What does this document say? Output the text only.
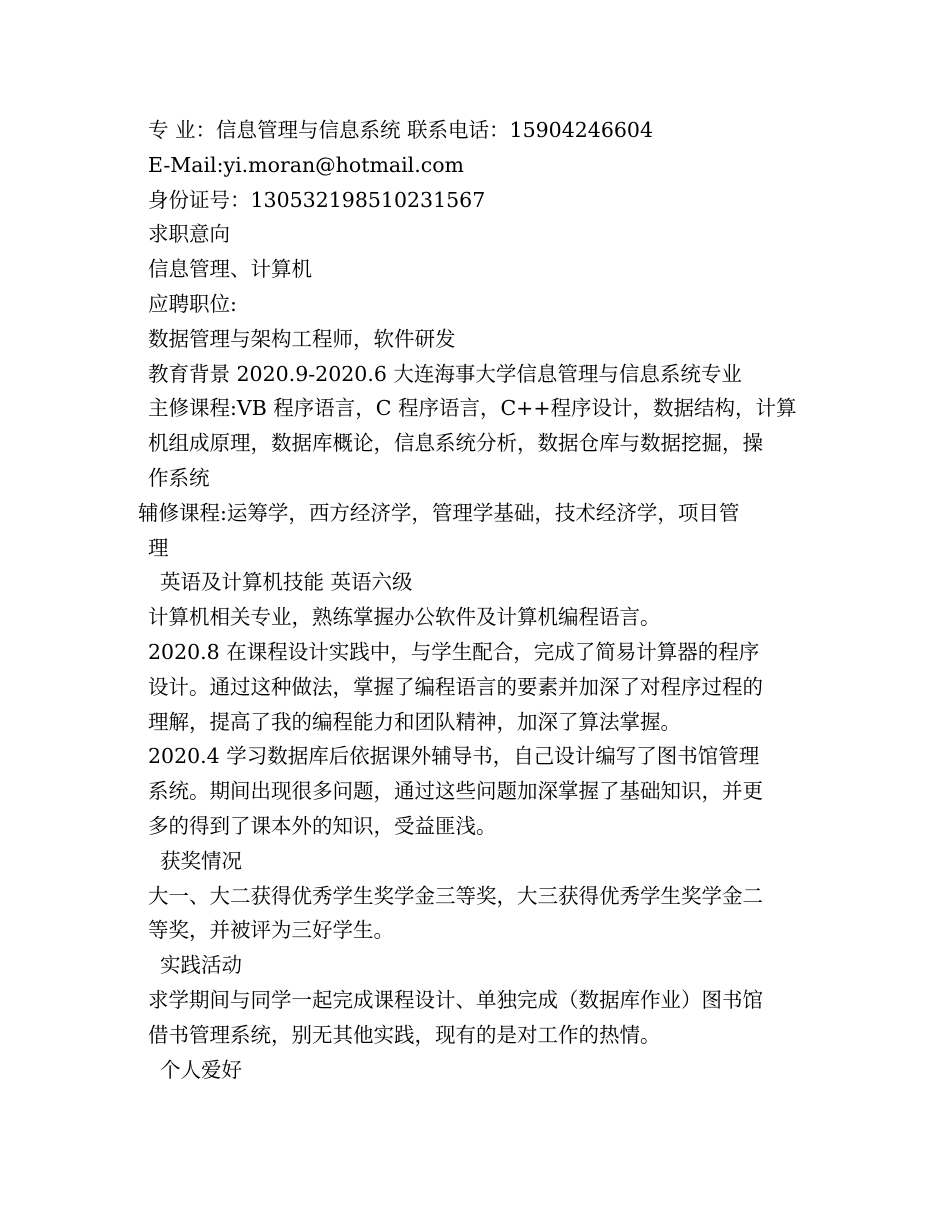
专 业：信息管理与信息系统 联系电话：15904246604
E-Mail:yi.moran@hotmail.com
身份证号：130532198510231567
求职意向
信息管理、计算机
应聘职位:
数据管理与架构工程师，软件研发
教育背景 2020.9-2020.6 大连海事大学信息管理与信息系统专业
主修课程:VB 程序语言，C 程序语言，C++程序设计，数据结构，计算
机组成原理，数据库概论，信息系统分析，数据仓库与数据挖掘，操
作系统
辅修课程:运筹学，西方经济学，管理学基础，技术经济学，项目管
理
英语及计算机技能 英语六级
计算机相关专业，熟练掌握办公软件及计算机编程语言。
2020.8 在课程设计实践中，与学生配合，完成了简易计算器的程序
设计。通过这种做法，掌握了编程语言的要素并加深了对程序过程的
理解，提高了我的编程能力和团队精神，加深了算法掌握。
2020.4 学习数据库后依据课外辅导书，自己设计编写了图书馆管理
系统。期间出现很多问题，通过这些问题加深掌握了基础知识，并更
多的得到了课本外的知识，受益匪浅。
获奖情况
大一、大二获得优秀学生奖学金三等奖，大三获得优秀学生奖学金二
等奖，并被评为三好学生。
实践活动
求学期间与同学一起完成课程设计、单独完成（数据库作业）图书馆
借书管理系统，别无其他实践，现有的是对工作的热情。
个人爱好
